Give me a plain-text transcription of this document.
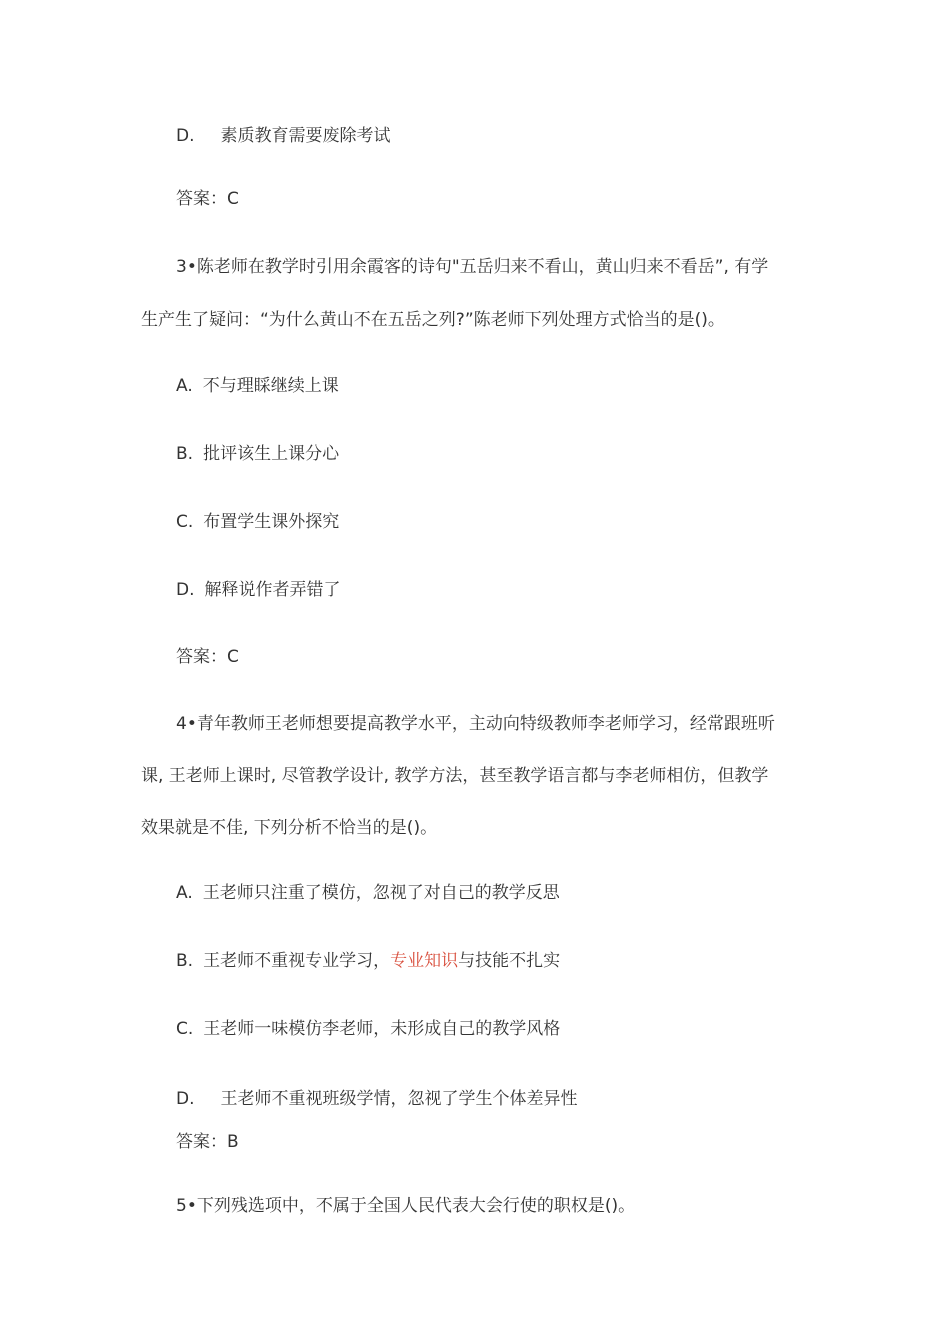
D. 素质教育需要废除考试

答案：C

3•陈老师在教学时引用余霞客的诗句"五岳归来不看山，黄山归来不看岳”, 有学

生产生了疑问：“为什么黄山不在五岳之列?”陈老师下列处理方式恰当的是()。

A. 不与理睬继续上课

B. 批评该生上课分心

C. 布置学生课外探究

D. 解释说作者弄错了

答案：C

4•青年教师王老师想要提高教学水平，主动向特级教师李老师学习，经常跟班听

课, 王老师上课时, 尽管教学设计, 教学方法，甚至教学语言都与李老师相仿，但教学

效果就是不佳, 下列分析不恰当的是()。

A. 王老师只注重了模仿，忽视了对自己的教学反思

B. 王老师不重视专业学习，专业知识与技能不扎实

C. 王老师一味模仿李老师，未形成自己的教学风格

D. 王老师不重视班级学情，忽视了学生个体差异性

答案：B

5•下列残选项中，不属于全国人民代表大会行使的职权是()。
